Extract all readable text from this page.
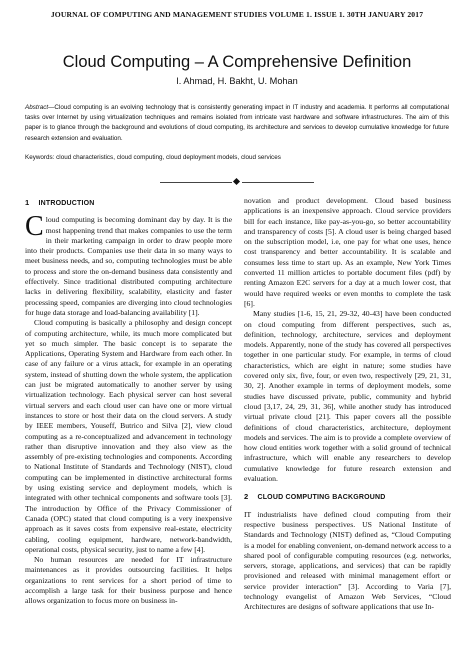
JOURNAL OF COMPUTING AND MANAGEMENT STUDIES VOLUME 1. ISSUE 1. 30TH JANUARY 2017
Cloud Computing – A Comprehensive Definition
I. Ahmad, H. Bakht, U. Mohan
Abstract—Cloud computing is an evolving technology that is consistently generating impact in IT industry and academia. It performs all computational tasks over Internet by using virtualization techniques and remains isolated from intricate vast hardware and software infrastructures. The aim of this paper is to glance through the background and evolutions of cloud computing, its architecture and services to develop cumulative knowledge for future research extension and evaluation.
Keywords: cloud characteristics, cloud computing, cloud deployment models, cloud services
1 INTRODUCTION

Cloud computing is becoming dominant day by day. It is the most happening trend that makes companies to use the term in their marketing campaign in order to draw people more into their products. Companies use their data in so many ways to meet business needs, and so, computing technologies must be able to process and store the on-demand business data consistently and effectively. Since traditional distributed computing architecture lacks in delivering flexibility, scalability, elasticity and faster processing speed, companies are diverging into cloud technologies for huge data storage and load-balancing availability [1].

Cloud computing is basically a philosophy and design concept of computing architecture, while, its much more complicated but yet so much simpler. The basic concept is to separate the Applications, Operating System and Hardware from each other. In case of any failure or a virus attack, for example in an operating system, instead of shutting down the whole system, the application can just be migrated automatically to another server by using virtualization technology. Each physical server can host several virtual servers and each cloud user can have one or more virtual instances to store or host their data on the cloud servers. A study by IEEE members, Youseff, Butrico and Silva [2], view cloud computing as a re-conceptualized and advancement in technology rather than disruptive innovation and they also view as the assembly of pre-existing technologies and components. According to National Institute of Standards and Technology (NIST), cloud computing can be implemented in distinctive architectural forms by using existing service and deployment models, which is integrated with other technical components and software tools [3]. The introduction by Office of the Privacy Commissioner of Canada (OPC) stated that cloud computing is a very inexpensive approach as it saves costs from expensive real-estate, electricity cabling, cooling equipment, hardware, network-bandwidth, operational costs, physical security, just to name a few [4].

No human resources are needed for IT infrastructure maintenances as it provides outsourcing facilities. It helps organizations to rent services for a short period of time to accomplish a large task for their business purpose and hence allows organization to focus more on business in-

novation and product development. Cloud based business applications is an inexpensive approach. Cloud service providers bill for each instance, like pay-as-you-go, so better accountability and transparency of costs [5]. A cloud user is being charged based on the subscription model, i.e, one pay for what one uses, hence cost transparency and better accountability. It is scalable and consumes less time to start up. As an example, New York Times converted 11 million articles to portable document files (pdf) by renting Amazon E2C servers for a day at a much lower cost, that would have required weeks or even months to complete the task [6].

Many studies [1-6, 15, 21, 29-32, 40-43] have been conducted on cloud computing from different perspectives, such as, definition, technology, architecture, services and deployment models. Apparently, none of the study has covered all perspectives together in one particular study. For example, in terms of cloud characteristics, which are eight in nature; some studies have covered only six, five, four, or even two, respectively [29, 21, 31, 30, 2]. Another example in terms of deployment models, some studies have discussed private, public, community and hybrid cloud [3,17, 24, 29, 31, 36], while another study has introduced virtual private cloud [21]. This paper covers all the possible definitions of cloud characteristics, architecture, deployment models and services. The aim is to provide a complete overview of how cloud entities work together with a solid ground of technical infrastructure, which will enable any researchers to develop cumulative knowledge for future research extension and evaluation.

2 CLOUD COMPUTING BACKGROUND

IT industrialists have defined cloud computing from their respective business perspectives. US National Institute of Standards and Technology (NIST) defined as, “Cloud Computing is a model for enabling convenient, on-demand network access to a shared pool of configurable computing resources (e.g. networks, servers, storage, applications, and services) that can be rapidly provisioned and released with minimal management effort or service provider interaction” [3]. According to Varia [7], technology evangelist of Amazon Web Services, “Cloud Architectures are designs of software applications that use In-
